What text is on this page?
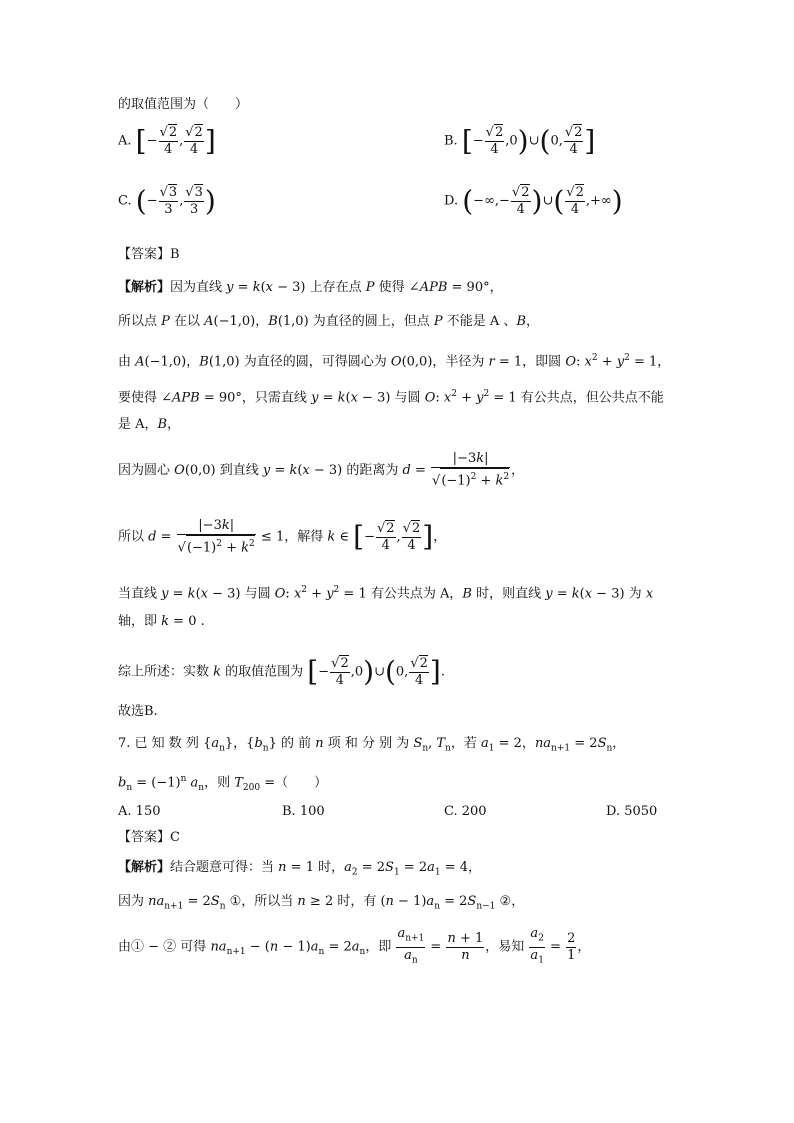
的取值范围为（　　）
A. [− $\frac{√2}{4}$ , $\frac{√2}{4}$ ]	B. [− $\frac{√2}{4}$ ,0)∪(0, $\frac{√2}{4}$ ]
C. (− $\frac{√3}{3}$ , $\frac{√3}{3}$ )	D. (−∞,− $\frac{√2}{4}$ )∪( $\frac{√2}{4}$ ,+∞)
【答案】B
【解析】因为直线 y = k(x − 3) 上存在点 P 使得 ∠APB = 90°，
所以点 P 在以 A(−1,0)，B(1,0) 为直径的圆上，但点 P 不能是 A 、B，
由 A(−1,0)，B(1,0) 为直径的圆，可得圆心为 O(0,0)，半径为 r = 1，即圆 O: $x^2 + y^2 = 1$，
要使得 ∠APB = 90°，只需直线 y = k(x − 3) 与圆 O: $x^2 + y^2 = 1$ 有公共点，但公共点不能
是 A，B，
因为圆心 O(0,0) 到直线 y = k(x − 3) 的距离为 $d = \frac{|-3k|}{√(-1)^2 + k^2}$ ，
所以 $d = \frac{|-3k|}{√(-1)^2 + k^2} \le 1$，解得 k ∈ [− $\frac{√2}{4}$ , $\frac{√2}{4}$ ]，
当直线 y = k(x − 3) 与圆 O: $x^2 + y^2 = 1$ 有公共点为 A，B 时，则直线 y = k(x − 3) 为 x
轴，即 k = 0 .
综上所述：实数 k 的取值范围为 [− $\frac{√2}{4}$ ,0)∪(0, $\frac{√2}{4}$ ].
故选B.
7. 已 知 数 列 $\{a_n\}$，$\{b_n\}$ 的 前 n 项 和 分 别 为 $S_n$, $T_n$，若 $a_1 = 2$，$na_{n+1} = 2S_n$，
$b_n = (-1)^n$ $a_n$，则 $T_{200}$ =（　　）
A. 150	B. 100	C. 200	D. 5050
【答案】C
【解析】结合题意可得：当 n = 1 时，$a_2 = 2S_1 = 2a_1 = 4$，
因为 $na_{n+1} = 2S_n$ ①，所以当 n ≥ 2 时，有 $(n - 1)a_n = 2S_{n-1}$ ②，
由① − ② 可得 $na_{n+1} - (n - 1)a_n = 2a_n$，即 $\frac{a_{n+1}}{a_n} = \frac{n + 1}{n}$ ，易知 $\frac{a_2}{a_1} = \frac{2}{1}$ ，
